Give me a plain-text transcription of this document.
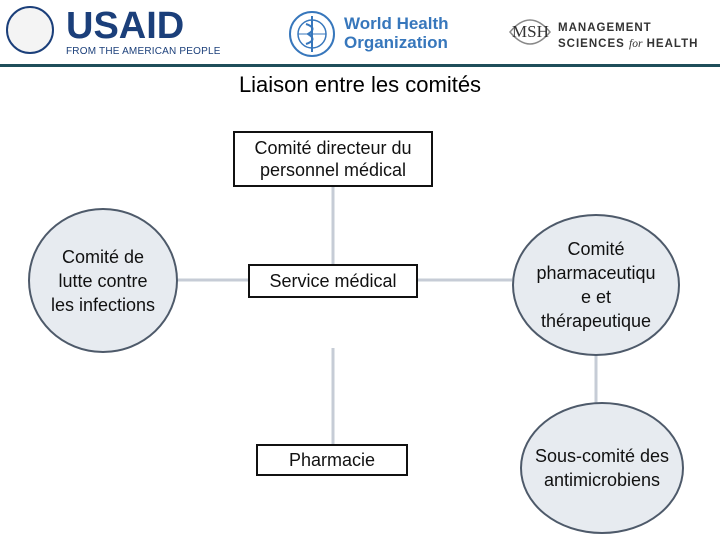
USAID
FROM THE AMERICAN PEOPLE
World Health
Organization
MSH MANAGEMENT
SCIENCES for HEALTH
Liaison entre les comités
Comité directeur du personnel médical
Service médical
Pharmacie
Comité de lutte contre les infections
Comité pharmaceutiqu e et thérapeutique
Sous-comité des antimicrobiens
